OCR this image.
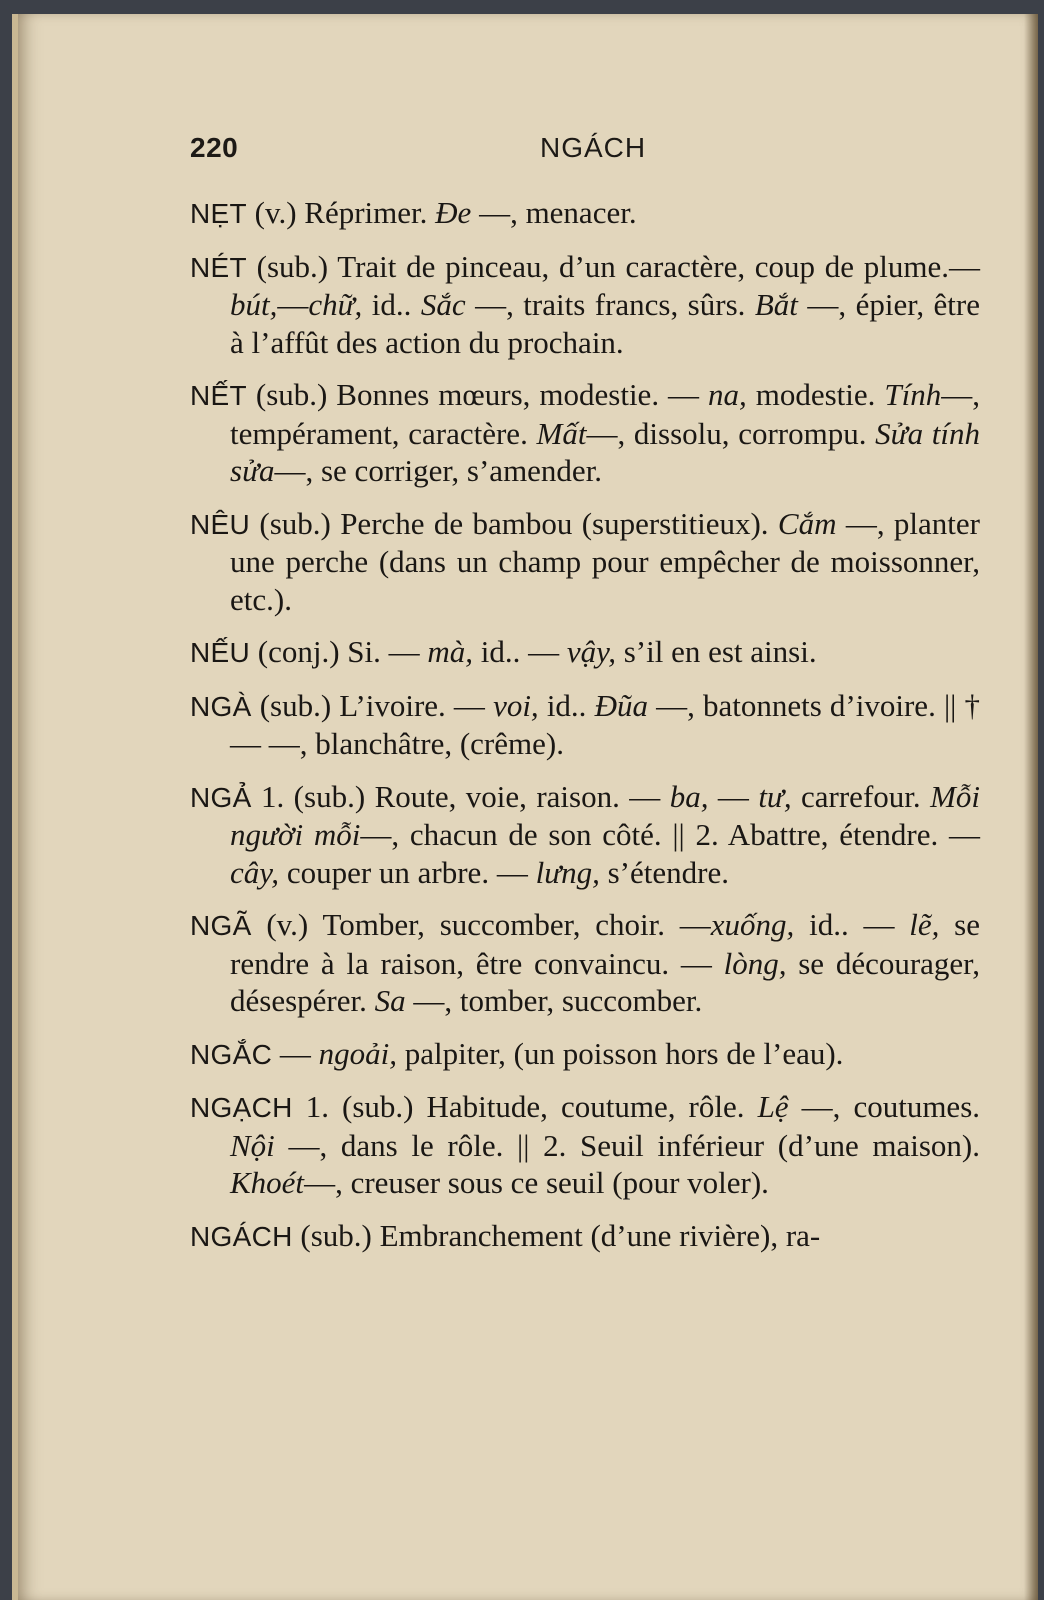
220	NGÁCH

NẸT (v.) Réprimer. Đe —, menacer.

NÉT (sub.) Trait de pinceau, d’un caractère, coup de plume.—bút,—chữ, id.. Sắc —, traits francs, sûrs. Bắt —, épier, être à l’affût des action du prochain.

NẾT (sub.) Bonnes mœurs, modestie. — na, modestie. Tính—, tempérament, caractère. Mất—, dissolu, corrompu. Sửa tính sửa—, se corriger, s’amender.

NÊU (sub.) Perche de bambou (superstitieux). Cắm —, planter une perche (dans un champ pour empêcher de moissonner, etc.).

NẾU (conj.) Si. — mà, id.. — vậy, s’il en est ainsi.

NGÀ (sub.) L’ivoire. — voi, id.. Đũa —, batonnets d’ivoire. || † — —, blanchâtre, (crême).

NGẢ 1. (sub.) Route, voie, raison. — ba, — tư, carrefour. Mỗi người mỗi—, chacun de son côté. || 2. Abattre, étendre. — cây, couper un arbre. — lưng, s’étendre.

NGÃ (v.) Tomber, succomber, choir. —xuống, id.. — lẽ, se rendre à la raison, être convaincu. — lòng, se décourager, désespérer. Sa —, tomber, succomber.

NGẮC — ngoải, palpiter, (un poisson hors de l’eau).

NGẠCH 1. (sub.) Habitude, coutume, rôle. Lệ —, coutumes. Nội —, dans le rôle. || 2. Seuil inférieur (d’une maison). Khoét—, creuser sous ce seuil (pour voler).

NGÁCH (sub.) Embranchement (d’une rivière), ra-
